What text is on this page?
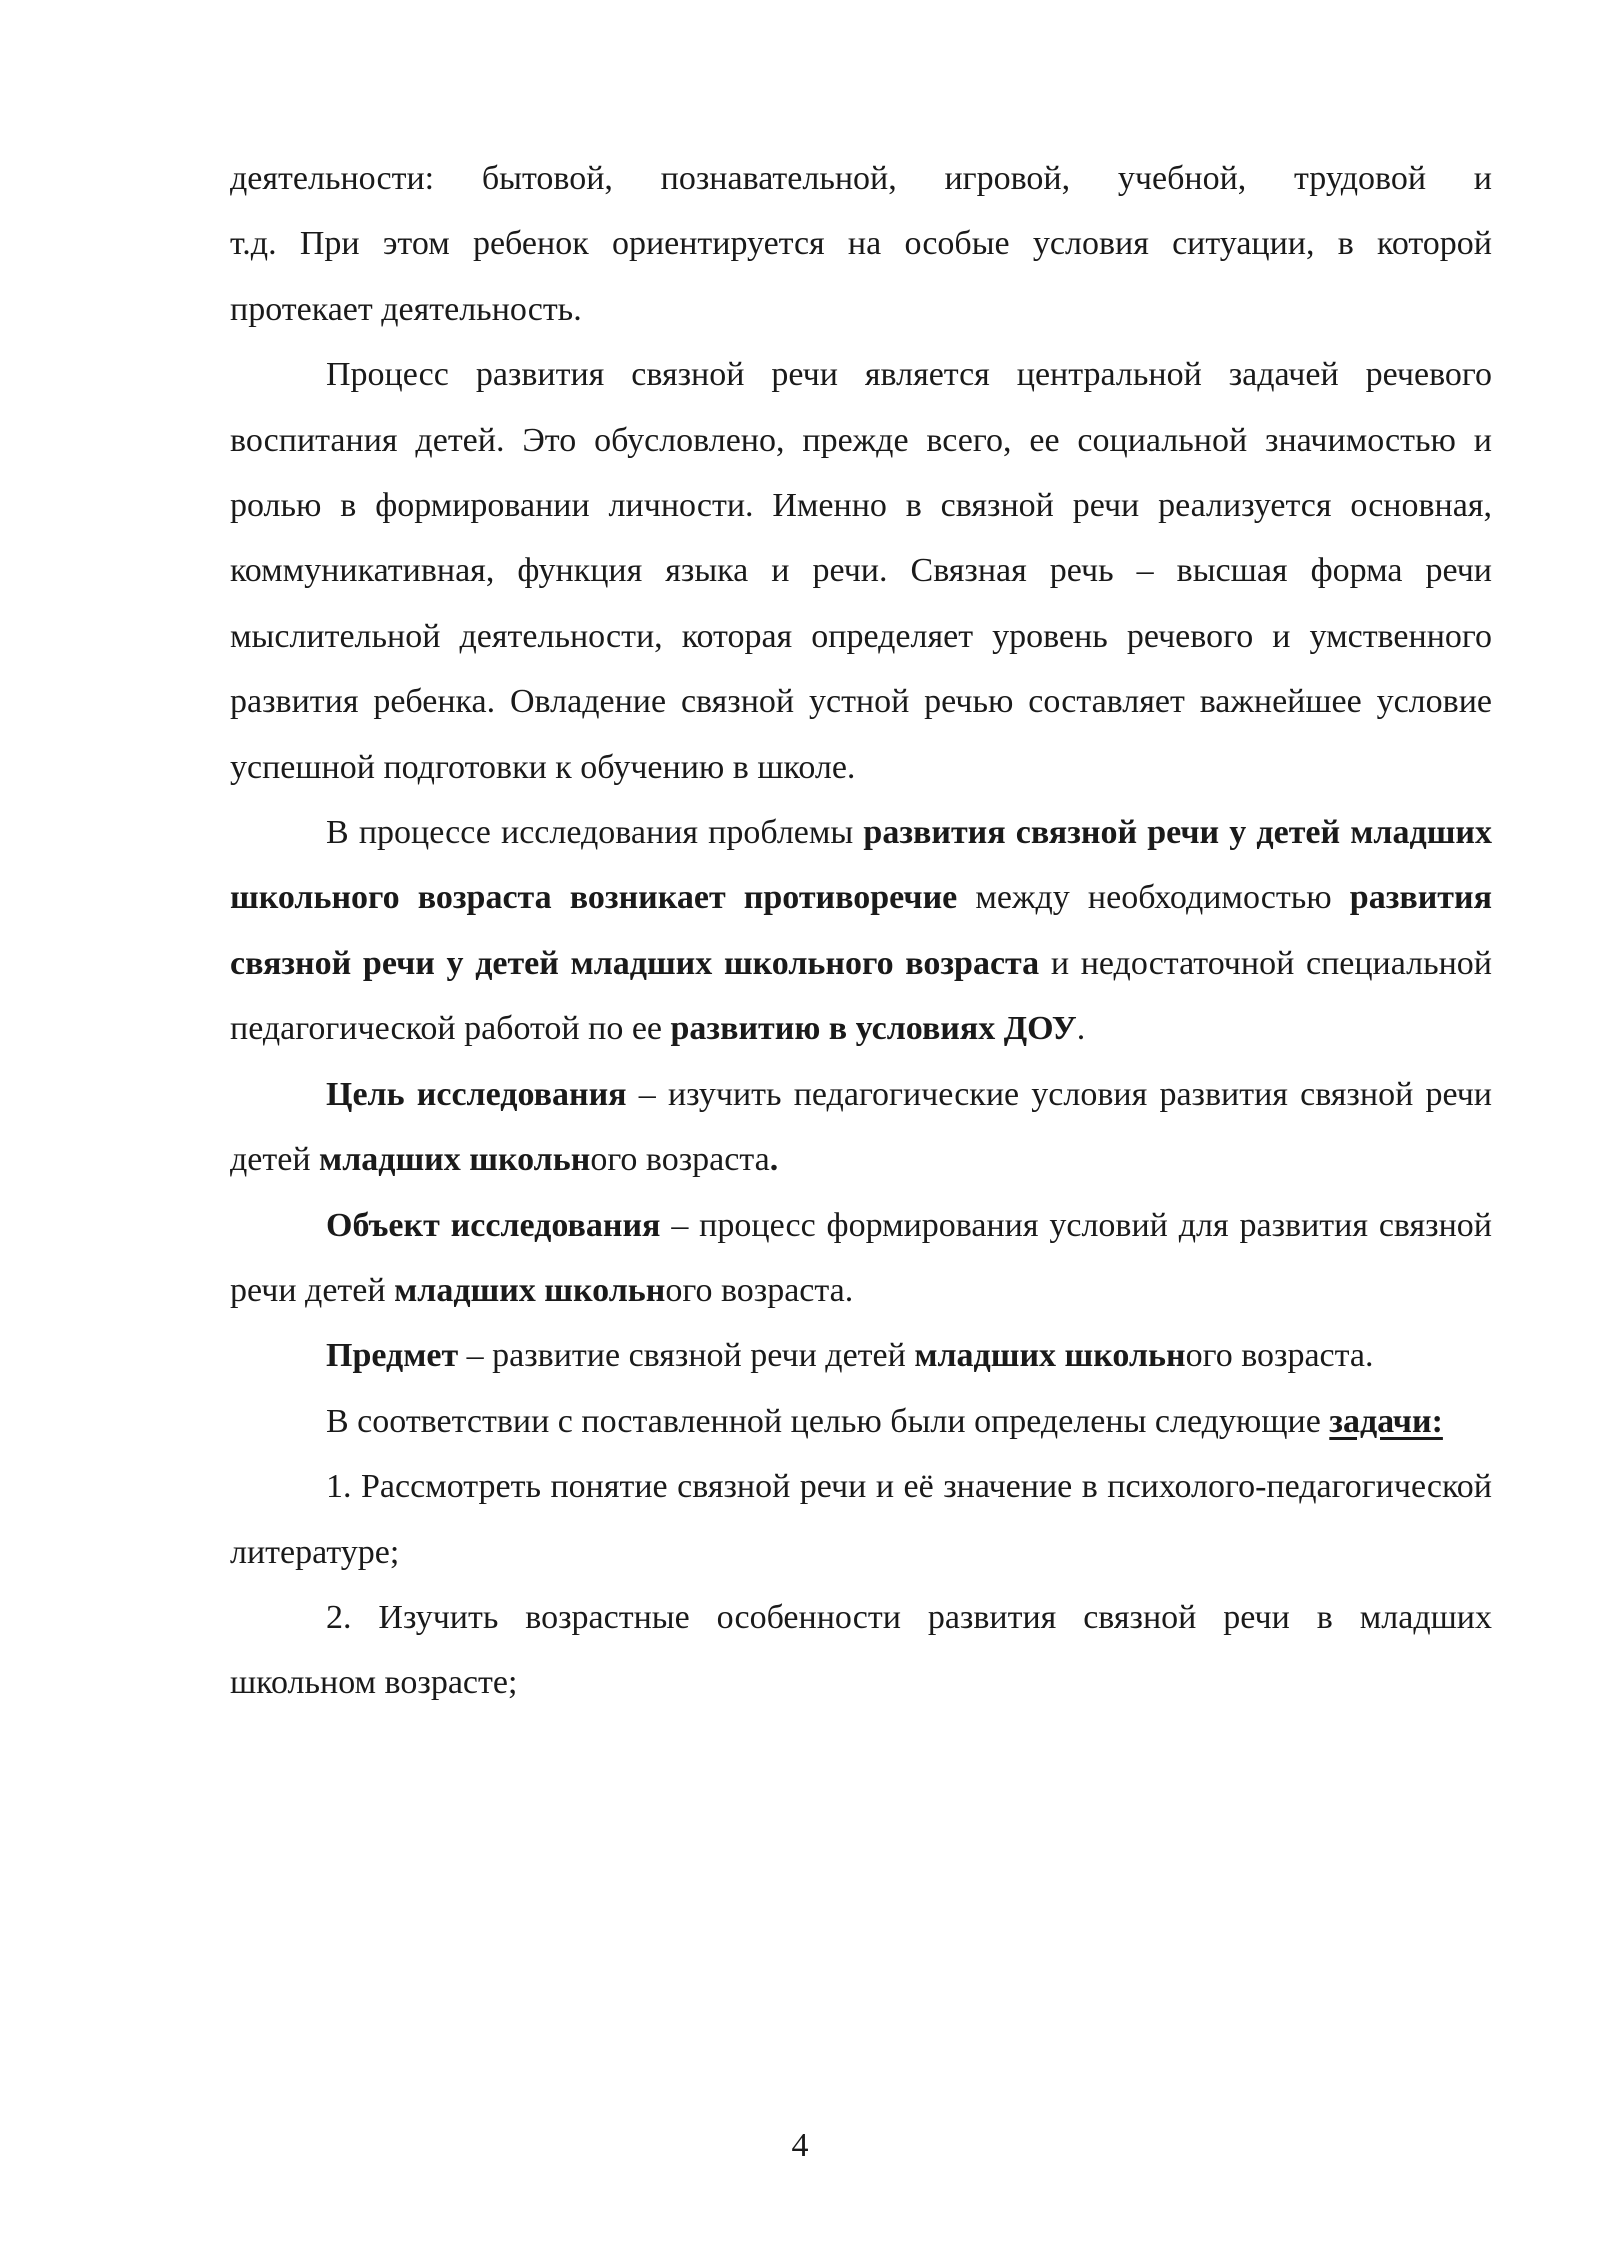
деятельности: бытовой, познавательной, игровой, учебной, трудовой и
т.д. При этом ребенок ориентируется на особые условия ситуации, в которой протекает деятельность.

Процесс развития связной речи является центральной задачей речевого воспитания детей. Это обусловлено, прежде всего, ее социальной значимостью и ролью в формировании личности. Именно в связной речи реализуется основная, коммуникативная, функция языка и речи. Связная речь – высшая форма речи мыслительной деятельности, которая определяет уровень речевого и умственного развития ребенка. Овладение связной устной речью составляет важнейшее условие успешной подготовки к обучению в школе.

В процессе исследования проблемы развития связной речи у детей младших школьного возраста возникает противоречие между необходимостью развития связной речи у детей младших школьного возраста и недостаточной специальной педагогической работой по ее развитию в условиях ДОУ.

Цель исследования – изучить педагогические условия развития связной речи детей младших школьного возраста.

Объект исследования – процесс формирования условий для развития связной речи детей младших школьного возраста.

Предмет – развитие связной речи детей младших школьного возраста.

В соответствии с поставленной целью были определены следующие задачи:

1. Рассмотреть понятие связной речи и её значение в психолого-педагогической литературе;

2. Изучить возрастные особенности развития связной речи в младших школьном возрасте;

4
